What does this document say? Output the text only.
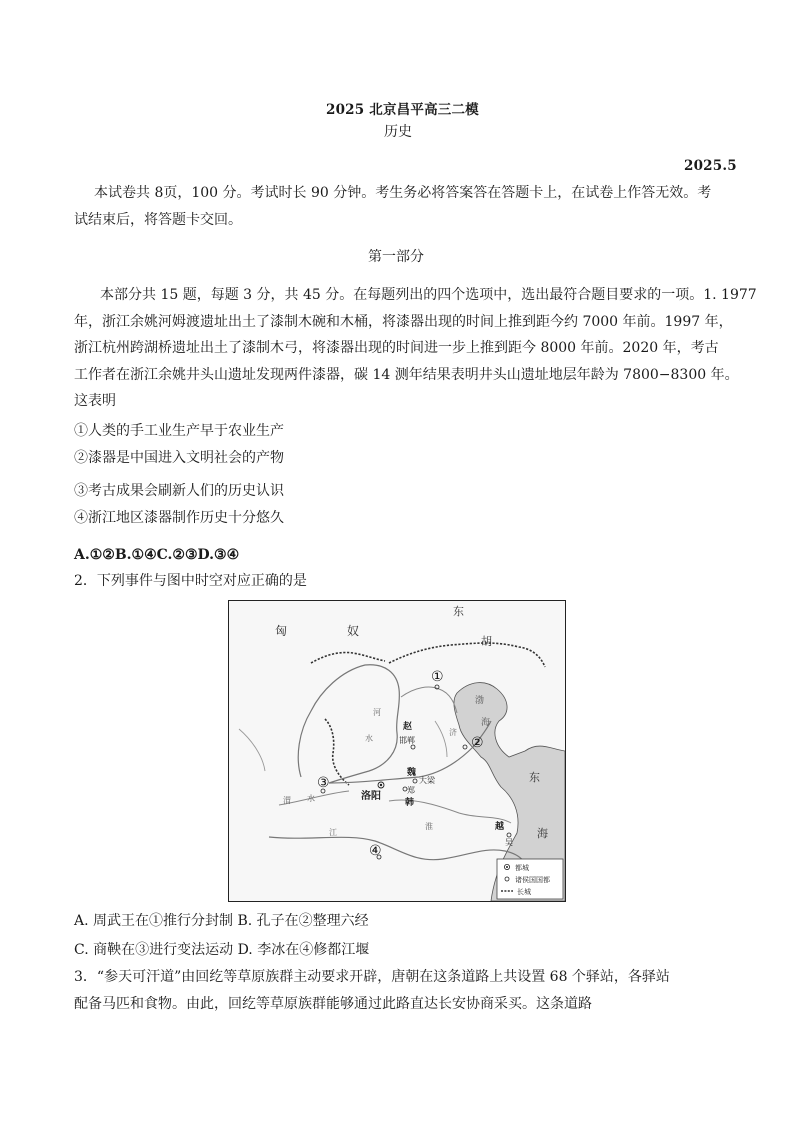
2025 北京昌平高三二模
历史
2025.5
本试卷共 8页，100 分。考试时长 90 分钟。考生务必将答案答在答题卡上，在试卷上作答无效。考
试结束后，将答题卡交回。
第一部分
本部分共 15 题，每题 3 分，共 45 分。在每题列出的四个选项中，选出最符合题目要求的一项。1. 1977
年，浙江余姚河姆渡遗址出土了漆制木碗和木桶，将漆器出现的时间上推到距今约 7000 年前。1997 年，
浙江杭州跨湖桥遗址出土了漆制木弓，将漆器出现的时间进一步上推到距今 8000 年前。2020 年，考古
工作者在浙江余姚井头山遗址发现两件漆器，碳 14 测年结果表明井头山遗址地层年龄为 7800−8300 年。
这表明
①人类的手工业生产早于农业生产
②漆器是中国进入文明社会的产物
③考古成果会刷新人们的历史认识
④浙江地区漆器制作历史十分悠久
A.①②B.①④C.②③D.③④
2．下列事件与图中时空对应正确的是
匈	奴
东
胡
渤
海
东
海
河
水
济
渭 水
淮
江
赵
邯郸
魏
大梁
郑
韩
洛阳
越
吴
①
②
③
④
都城
诸侯国国都
长城
A. 周武王在①推行分封制 B. 孔子在②整理六经
C. 商鞅在③进行变法运动 D. 李冰在④修都江堰
3．“参天可汗道”由回纥等草原族群主动要求开辟，唐朝在这条道路上共设置 68 个驿站，各驿站
配备马匹和食物。由此，回纥等草原族群能够通过此路直达长安协商采买。这条道路
